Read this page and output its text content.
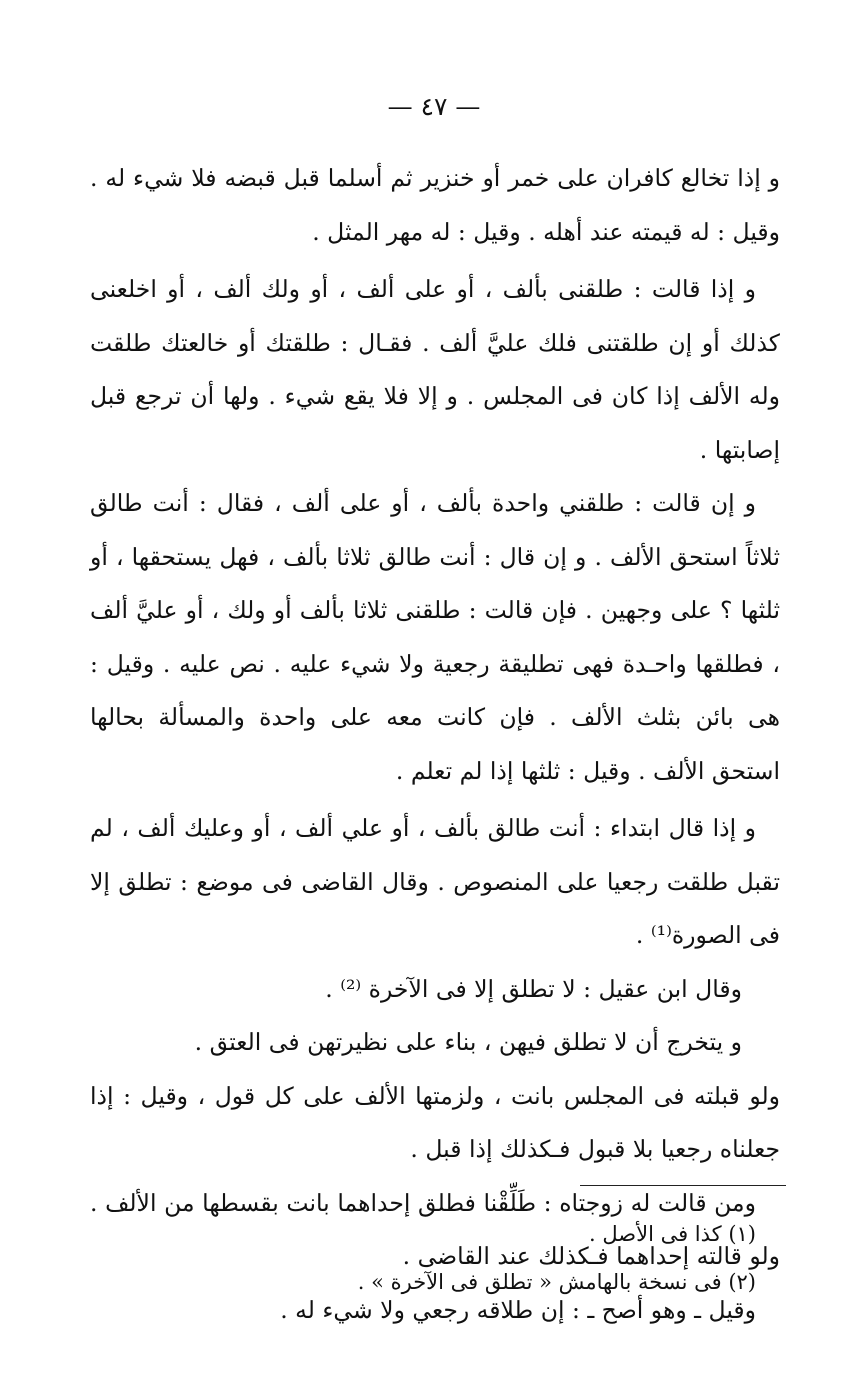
— ٤٧ —

و إذا تخالع كافران على خمر أو خنزير ثم أسلما قبل قبضه فلا شيء له . وقيل : له قيمته عند أهله . وقيل : له مهر المثل .

و إذا قالت : طلقنى بألف ، أو على ألف ، أو ولك ألف ، أو اخلعنى كذلك أو إن طلقتنى فلك عليَّ ألف . فقـال : طلقتك أو خالعتك طلقت وله الألف إذا كان فى المجلس . و إلا فلا يقع شيء . ولها أن ترجع قبل إصابتها .

و إن قالت : طلقني واحدة بألف ، أو على ألف ، فقال : أنت طالق ثلاثاً استحق الألف . و إن قال : أنت طالق ثلاثا بألف ، فهل يستحقها ، أو ثلثها ؟ على وجهين . فإن قالت : طلقنى ثلاثا بألف أو ولك ، أو عليَّ ألف ، فطلقها واحـدة فهى تطليقة رجعية ولا شيء عليه . نص عليه . وقيل : هى بائن بثلث الألف . فإن كانت معه على واحدة والمسألة بحالها استحق الألف . وقيل : ثلثها إذا لم تعلم .

و إذا قال ابتداء : أنت طالق بألف ، أو علي ألف ، أو وعليك ألف ، لم تقبل طلقت رجعيا على المنصوص . وقال القاضى فى موضع : تطلق إلا فى الصورة⁽¹⁾ .

وقال ابن عقيل : لا تطلق إلا فى الآخرة ⁽²⁾ .

و يتخرج أن لا تطلق فيهن ، بناء على نظيرتهن فى العتق .

ولو قبلته فى المجلس بانت ، ولزمتها الألف على كل قول ، وقيل : إذا جعلناه رجعيا بلا قبول فـكذلك إذا قبل .

ومن قالت له زوجتاه : طَلِّقْنا فطلق إحداهما بانت بقسطها من الألف . ولو قالته إحداهما فـكذلك عند القاضى .

وقيل ـ وهو أصح ـ : إن طلاقه رجعي ولا شيء له .

(١) كذا فى الأصل .

(٢) فى نسخة بالهامش « تطلق فى الآخرة » .
